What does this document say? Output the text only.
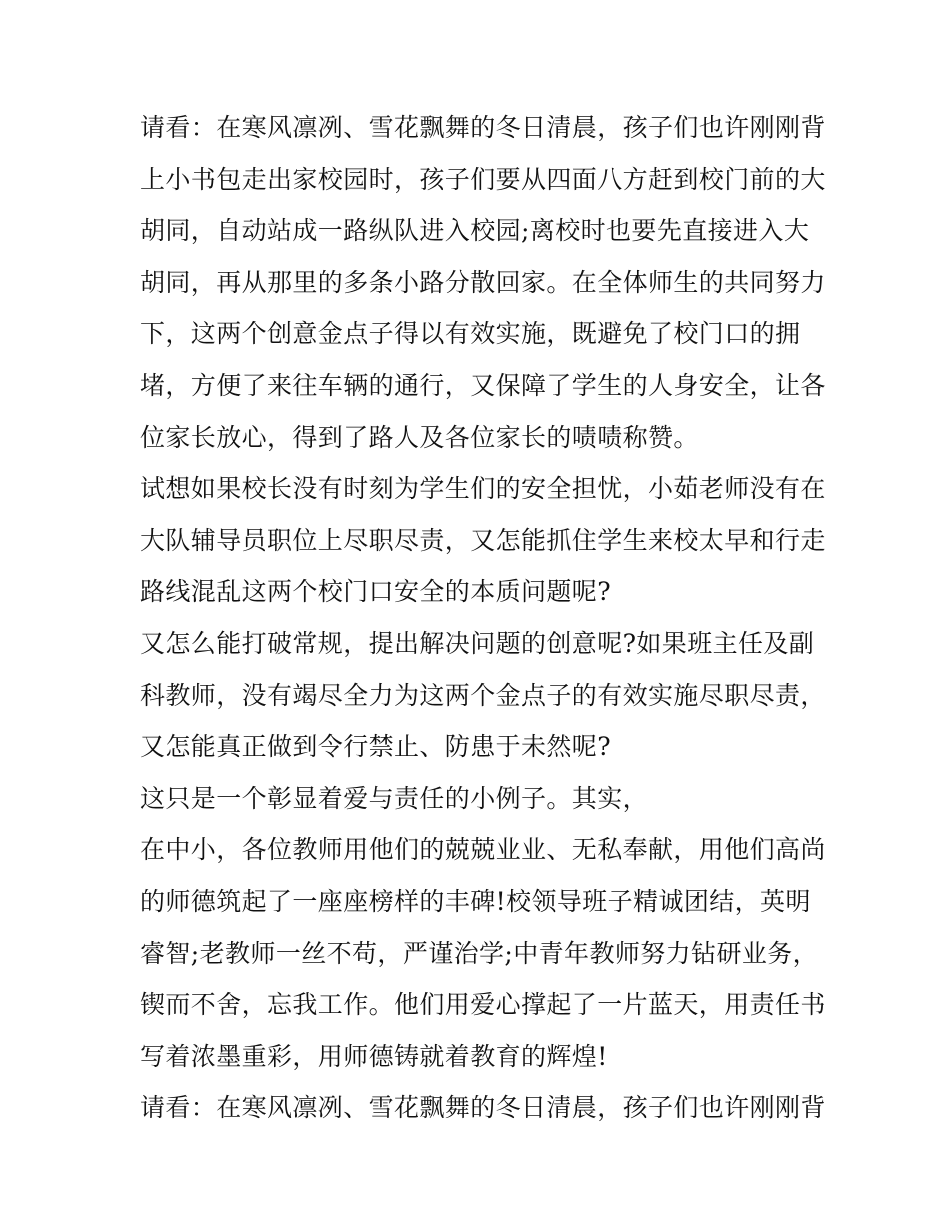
请看：在寒风凛冽、雪花飘舞的冬日清晨，孩子们也许刚刚背
上小书包走出家校园时，孩子们要从四面八方赶到校门前的大
胡同，自动站成一路纵队进入校园;离校时也要先直接进入大
胡同，再从那里的多条小路分散回家。在全体师生的共同努力
下，这两个创意金点子得以有效实施，既避免了校门口的拥
堵，方便了来往车辆的通行，又保障了学生的人身安全，让各
位家长放心，得到了路人及各位家长的啧啧称赞。
试想如果校长没有时刻为学生们的安全担忧，小茹老师没有在
大队辅导员职位上尽职尽责，又怎能抓住学生来校太早和行走
路线混乱这两个校门口安全的本质问题呢?
又怎么能打破常规，提出解决问题的创意呢?如果班主任及副
科教师，没有竭尽全力为这两个金点子的有效实施尽职尽责，
又怎能真正做到令行禁止、防患于未然呢?
这只是一个彰显着爱与责任的小例子。其实，
在中小，各位教师用他们的兢兢业业、无私奉献，用他们高尚
的师德筑起了一座座榜样的丰碑!校领导班子精诚团结，英明
睿智;老教师一丝不苟，严谨治学;中青年教师努力钻研业务，
锲而不舍，忘我工作。他们用爱心撑起了一片蓝天，用责任书
写着浓墨重彩，用师德铸就着教育的辉煌!
请看：在寒风凛冽、雪花飘舞的冬日清晨，孩子们也许刚刚背
